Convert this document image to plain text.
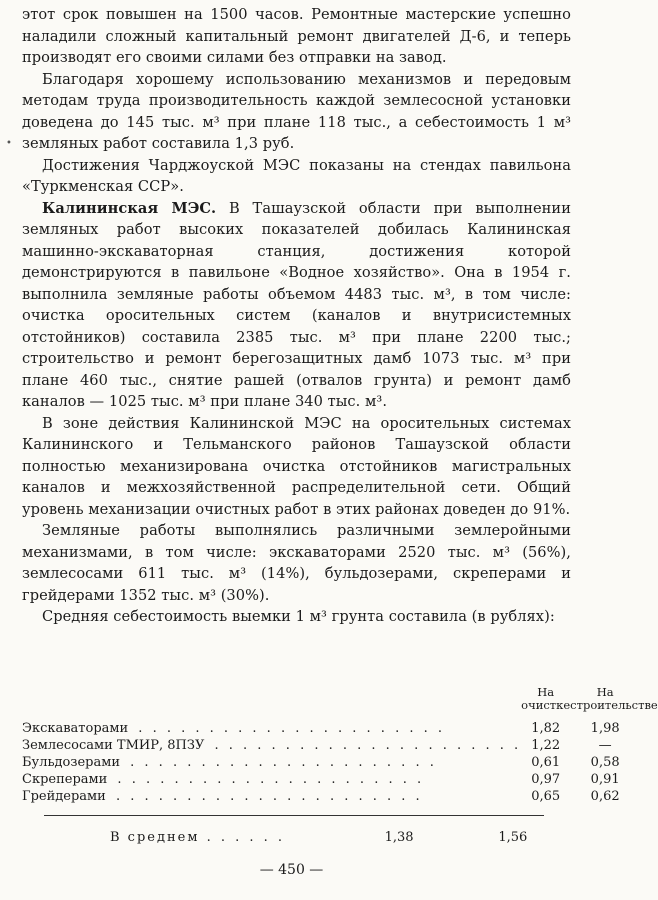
•

этот срок повышен на 1500 часов. Ремонтные мастерские успешно наладили сложный капитальный ремонт двигателей Д-6, и теперь производят его своими силами без отправки на завод.

Благодаря хорошему использованию механизмов и передовым методам труда производительность каждой землесосной установки доведена до 145 тыс. м³ при плане 118 тыс., а себестоимость 1 м³ земляных работ составила 1,3 руб.

Достижения Чарджоуской МЭС показаны на стендах павильона «Туркменская ССР».

Калининская МЭС. В Ташаузской области при выполнении земляных работ высоких показателей добилась Калининская машинно-экскаваторная станция, достижения которой демонстрируются в павильоне «Водное хозяйство». Она в 1954 г. выполнила земляные работы объемом 4483 тыс. м³, в том числе: очистка оросительных систем (каналов и внутрисистемных отстойников) составила 2385 тыс. м³ при плане 2200 тыс.; строительство и ремонт берегозащитных дамб 1073 тыс. м³ при плане 460 тыс., снятие рашей (отвалов грунта) и ремонт дамб каналов — 1025 тыс. м³ при плане 340 тыс. м³.

В зоне действия Калининской МЭС на оросительных системах Калининского и Тельманского районов Ташаузской области полностью механизирована очистка отстойников магистральных каналов и межхозяйственной распределительной сети. Общий уровень механизации очистных работ в этих районах доведен до 91%.

Земляные работы выполнялись различными землеройными механизмами, в том числе: экскаваторами 2520 тыс. м³ (56%), землесосами 611 тыс. м³ (14%), бульдозерами, скреперами и грейдерами 1352 тыс. м³ (30%).

Средняя себестоимость выемки 1 м³ грунта составила (в рублях):

	На очистке	На строительстве
Экскаваторами . . . . . . . . . . . . . . . . . . . . . .	1,82	1,98
Землесосами ТМИР, 8ПЗУ . . . . . . . . . . . . . . . . . . . . . .	1,22	—
Бульдозерами . . . . . . . . . . . . . . . . . . . . . .	0,61	0,58
Скреперами . . . . . . . . . . . . . . . . . . . . . .	0,97	0,91
Грейдерами . . . . . . . . . . . . . . . . . . . . . .	0,65	0,62
В среднем . . . . . .	1,38	1,56
— 450 —
